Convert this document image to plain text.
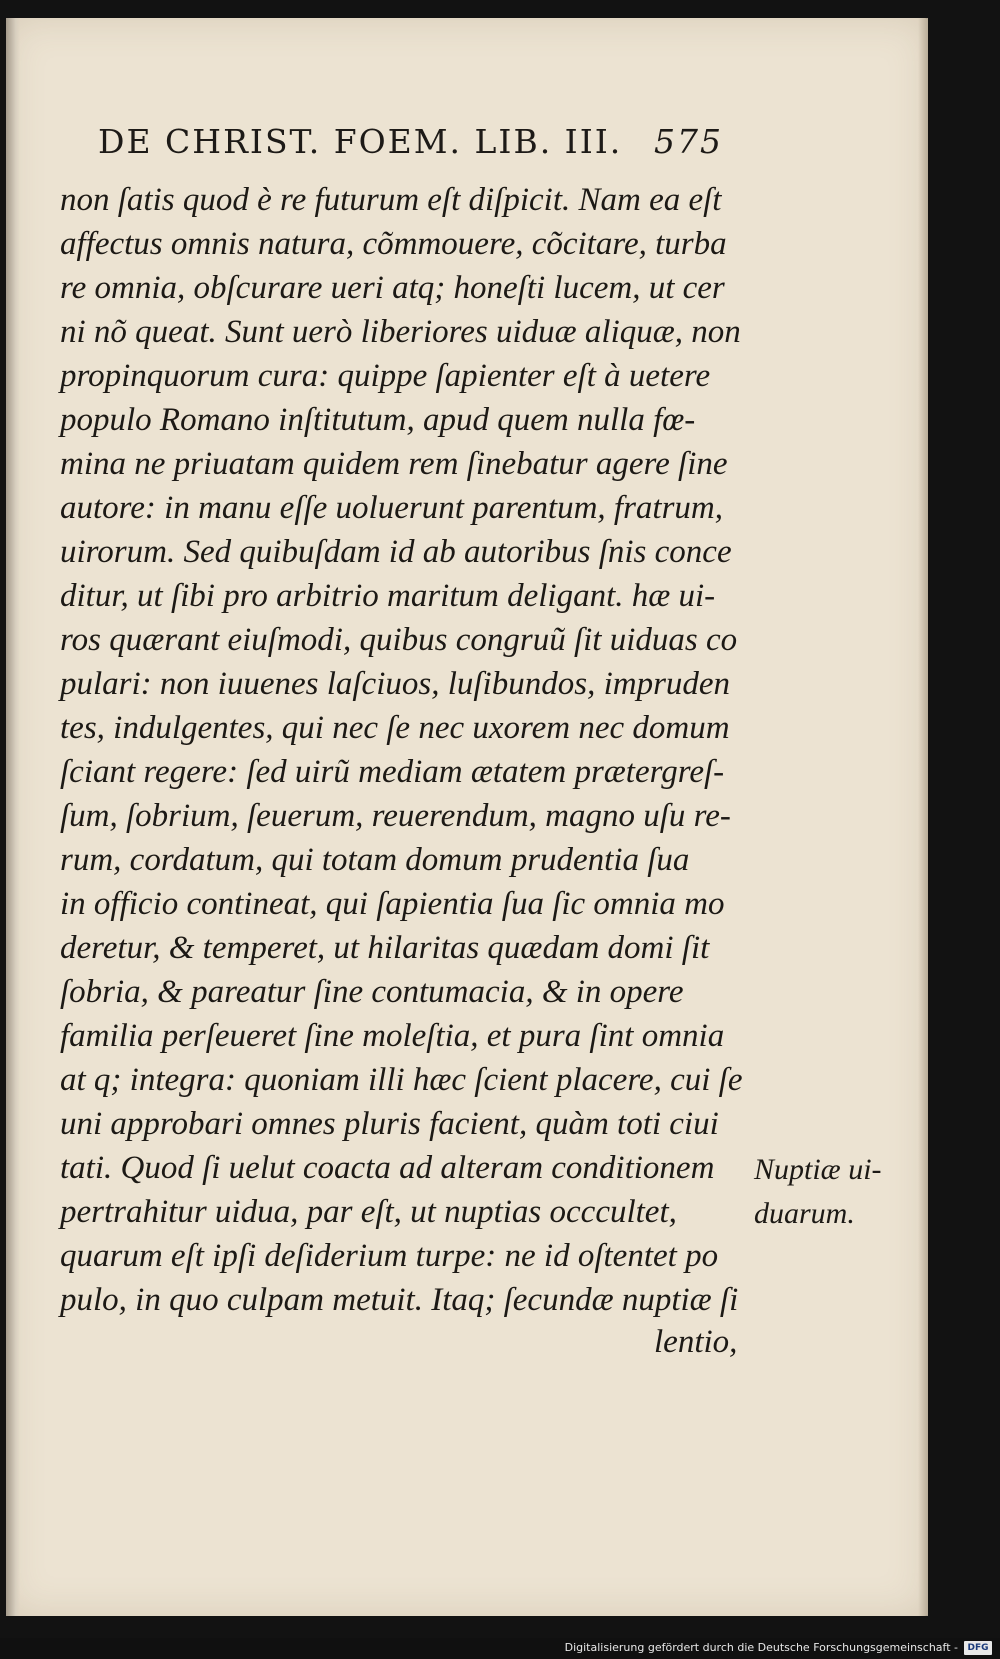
DE CHRIST. FOEM. LIB. III. 575
non ſatis quod è re futurum eſt diſpicit. Nam ea eſt
affectus omnis natura, cõmmouere, cõcitare, turba
re omnia, obſcurare ueri atq; honeſti lucem, ut cer
ni nõ queat. Sunt uerò liberiores uiduæ aliquæ, non
propinquorum cura: quippe ſapienter eſt à uetere
populo Romano inſtitutum, apud quem nulla fœ-
mina ne priuatam quidem rem ſinebatur agere ſine
autore: in manu eſſe uoluerunt parentum, fratrum,
uirorum. Sed quibuſdam id ab autoribus ſnis conce
ditur, ut ſibi pro arbitrio maritum deligant. hæ ui-
ros quærant eiuſmodi, quibus congruũ ſit uiduas co
pulari: non iuuenes laſciuos, luſibundos, impruden
tes, indulgentes, qui nec ſe nec uxorem nec domum
ſciant regere: ſed uirũ mediam ætatem prætergreſ-
ſum, ſobrium, ſeuerum, reuerendum, magno uſu re-
rum, cordatum, qui totam domum prudentia ſua
in officio contineat, qui ſapientia ſua ſic omnia mo
deretur, & temperet, ut hilaritas quædam domi ſit
ſobria, & pareatur ſine contumacia, & in opere
familia perſeueret ſine moleſtia, et pura ſint omnia
at q; integra: quoniam illi hæc ſcient placere, cui ſe
uni approbari omnes pluris facient, quàm toti ciui
tati. Quod ſi uelut coacta ad alteram conditionem
pertrahitur uidua, par eſt, ut nuptias occcultet,
quarum eſt ipſi deſiderium turpe: ne id oſtentet po
pulo, in quo culpam metuit. Itaq; ſecundæ nuptiæ ſi
Nuptiæ ui-
duarum.
lentio,
Digitalisierung gefördert durch die Deutsche Forschungsgemeinschaft -	DFG
